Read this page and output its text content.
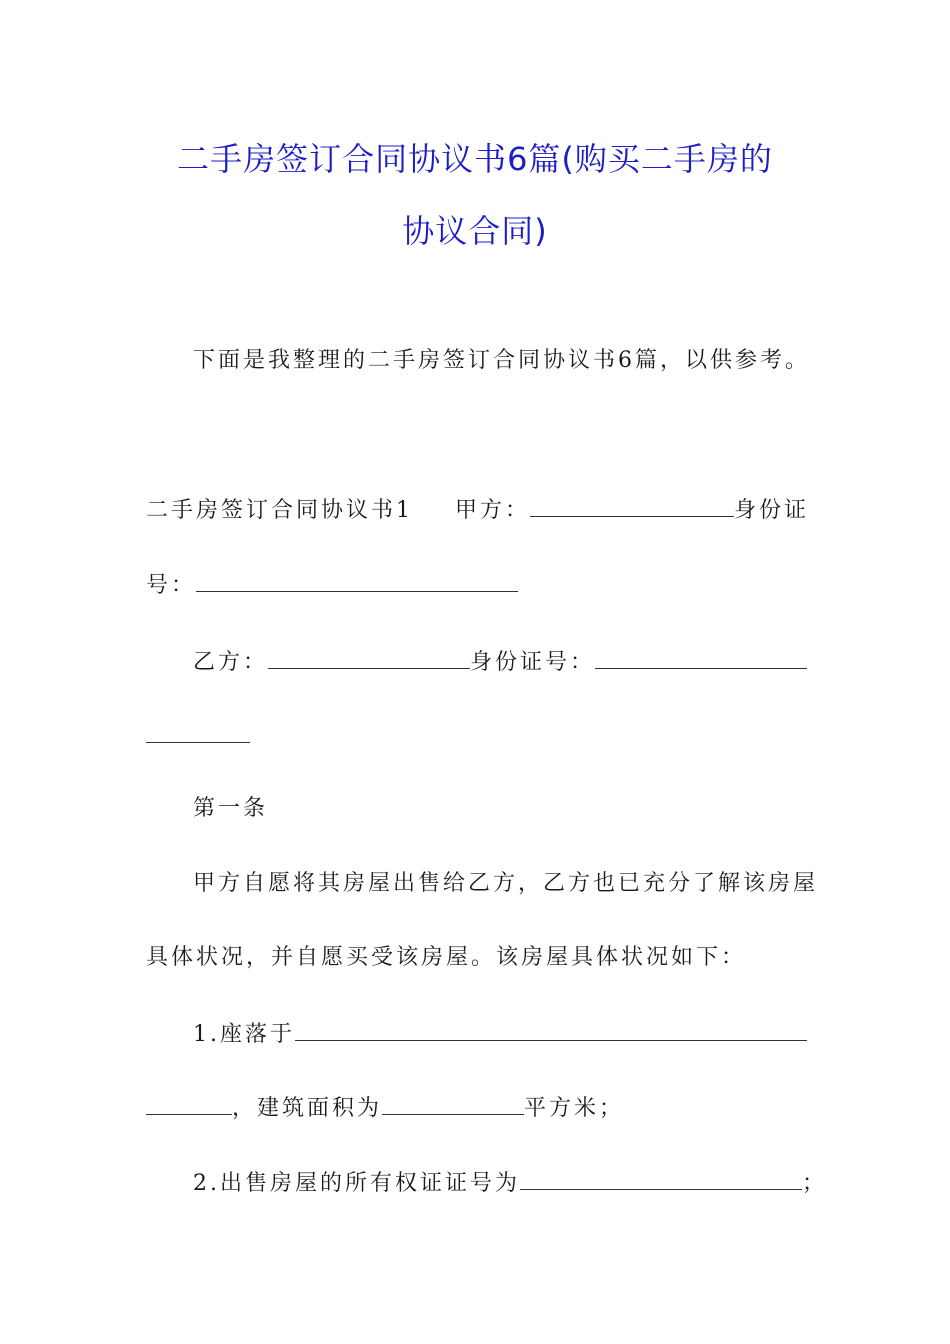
二手房签订合同协议书6篇(购买二手房的
协议合同)
下面是我整理的二手房签订合同协议书6篇，以供参考。
二手房签订合同协议书1 甲方：	身份证
号：
乙方：	身份证号：
第一条
甲方自愿将其房屋出售给乙方，乙方也已充分了解该房屋
具体状况，并自愿买受该房屋。该房屋具体状况如下：
1.座落于
，建筑面积为	平方米；
2.出售房屋的所有权证证号为	；
